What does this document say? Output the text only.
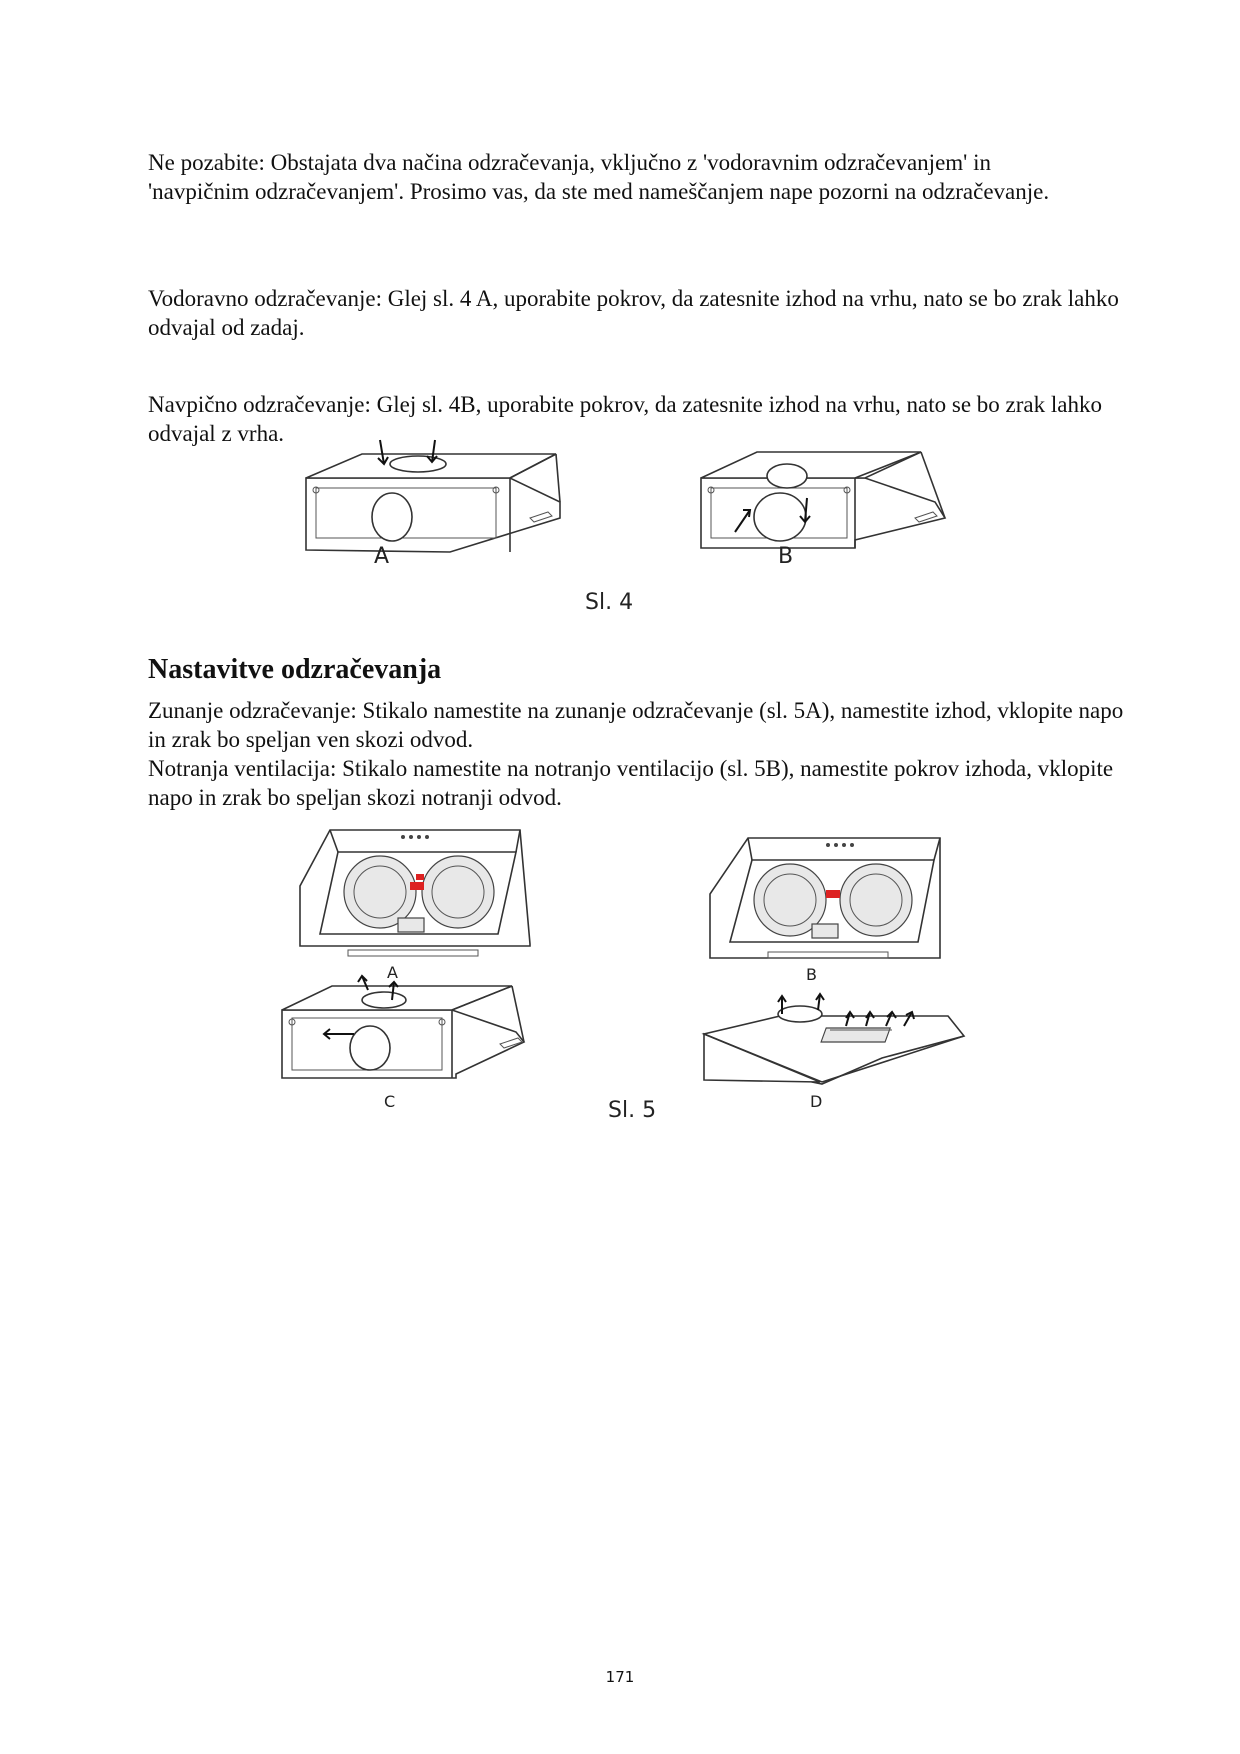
Ne pozabite: Obstajata dva načina odzračevanja, vključno z 'vodoravnim odzračevanjem' in 'navpičnim odzračevanjem'. Prosimo vas, da ste med nameščanjem nape pozorni na odzračevanje.

Vodoravno odzračevanje: Glej sl. 4 A, uporabite pokrov, da zatesnite izhod na vrhu, nato se bo zrak lahko odvajal od zadaj.

Navpično odzračevanje: Glej sl. 4B, uporabite pokrov, da zatesnite izhod na vrhu, nato se bo zrak lahko odvajal z vrha.

A	B
Sl. 4
Nastavitve odzračevanja

Zunanje odzračevanje: Stikalo namestite na zunanje odzračevanje (sl. 5A), namestite izhod, vklopite napo in zrak bo speljan ven skozi odvod.

Notranja ventilacija: Stikalo namestite na notranjo ventilacijo (sl. 5B), namestite pokrov izhoda, vklopite napo in zrak bo speljan skozi notranji odvod.

A	B
C	D
Sl. 5
171
